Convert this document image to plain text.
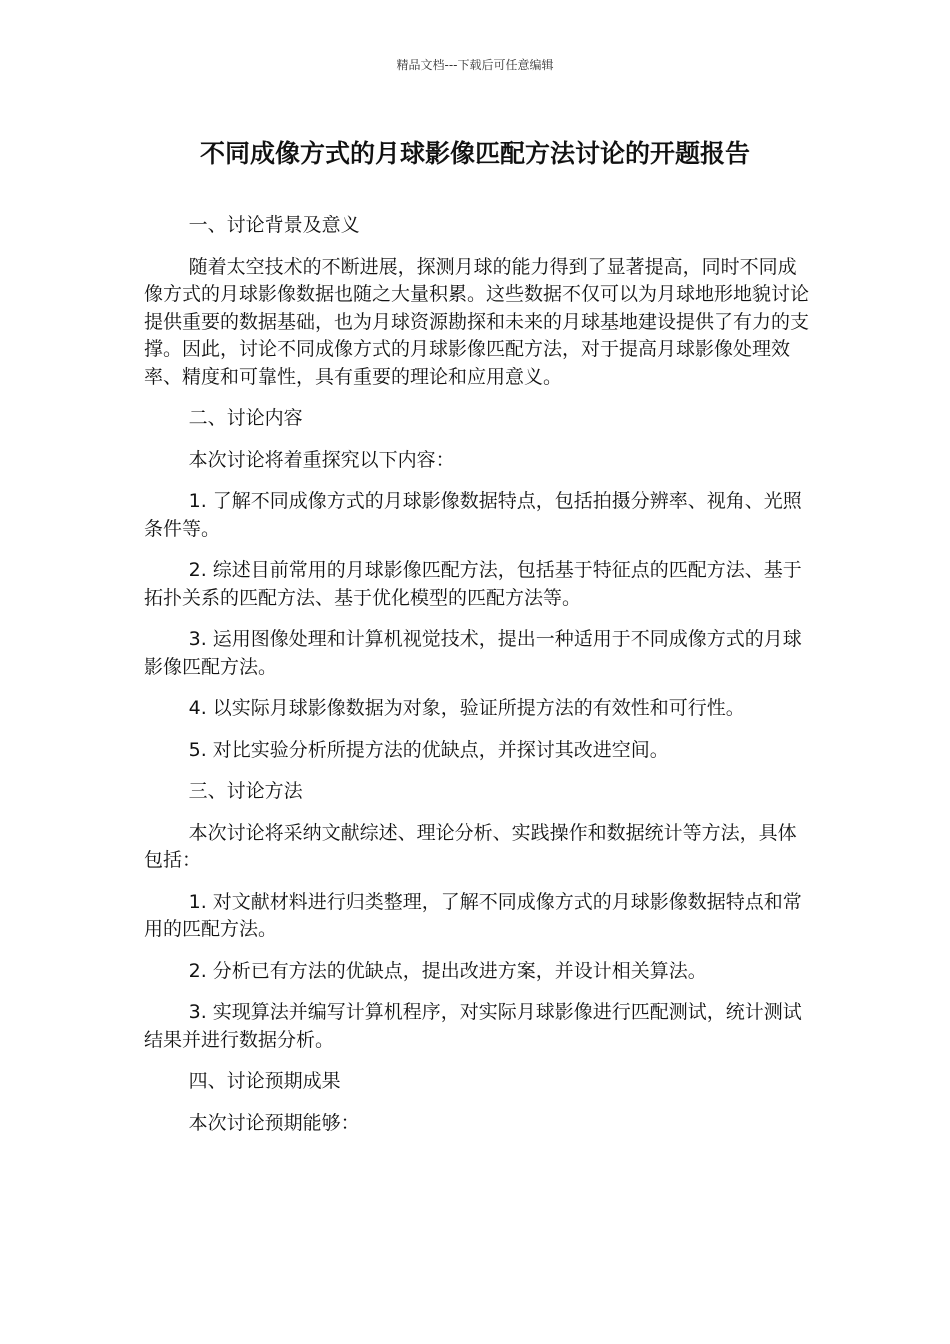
精品文档---下载后可任意编辑
不同成像方式的月球影像匹配方法讨论的开题报告

一、讨论背景及意义

随着太空技术的不断进展，探测月球的能力得到了显著提高，同时不同成像方式的月球影像数据也随之大量积累。这些数据不仅可以为月球地形地貌讨论提供重要的数据基础，也为月球资源勘探和未来的月球基地建设提供了有力的支撑。因此，讨论不同成像方式的月球影像匹配方法，对于提高月球影像处理效率、精度和可靠性，具有重要的理论和应用意义。

二、讨论内容

本次讨论将着重探究以下内容：

1. 了解不同成像方式的月球影像数据特点，包括拍摄分辨率、视角、光照条件等。

2. 综述目前常用的月球影像匹配方法，包括基于特征点的匹配方法、基于拓扑关系的匹配方法、基于优化模型的匹配方法等。

3. 运用图像处理和计算机视觉技术，提出一种适用于不同成像方式的月球影像匹配方法。

4. 以实际月球影像数据为对象，验证所提方法的有效性和可行性。

5. 对比实验分析所提方法的优缺点，并探讨其改进空间。

三、讨论方法

本次讨论将采纳文献综述、理论分析、实践操作和数据统计等方法，具体包括：

1. 对文献材料进行归类整理，了解不同成像方式的月球影像数据特点和常用的匹配方法。

2. 分析已有方法的优缺点，提出改进方案，并设计相关算法。

3. 实现算法并编写计算机程序，对实际月球影像进行匹配测试，统计测试结果并进行数据分析。

四、讨论预期成果

本次讨论预期能够：
